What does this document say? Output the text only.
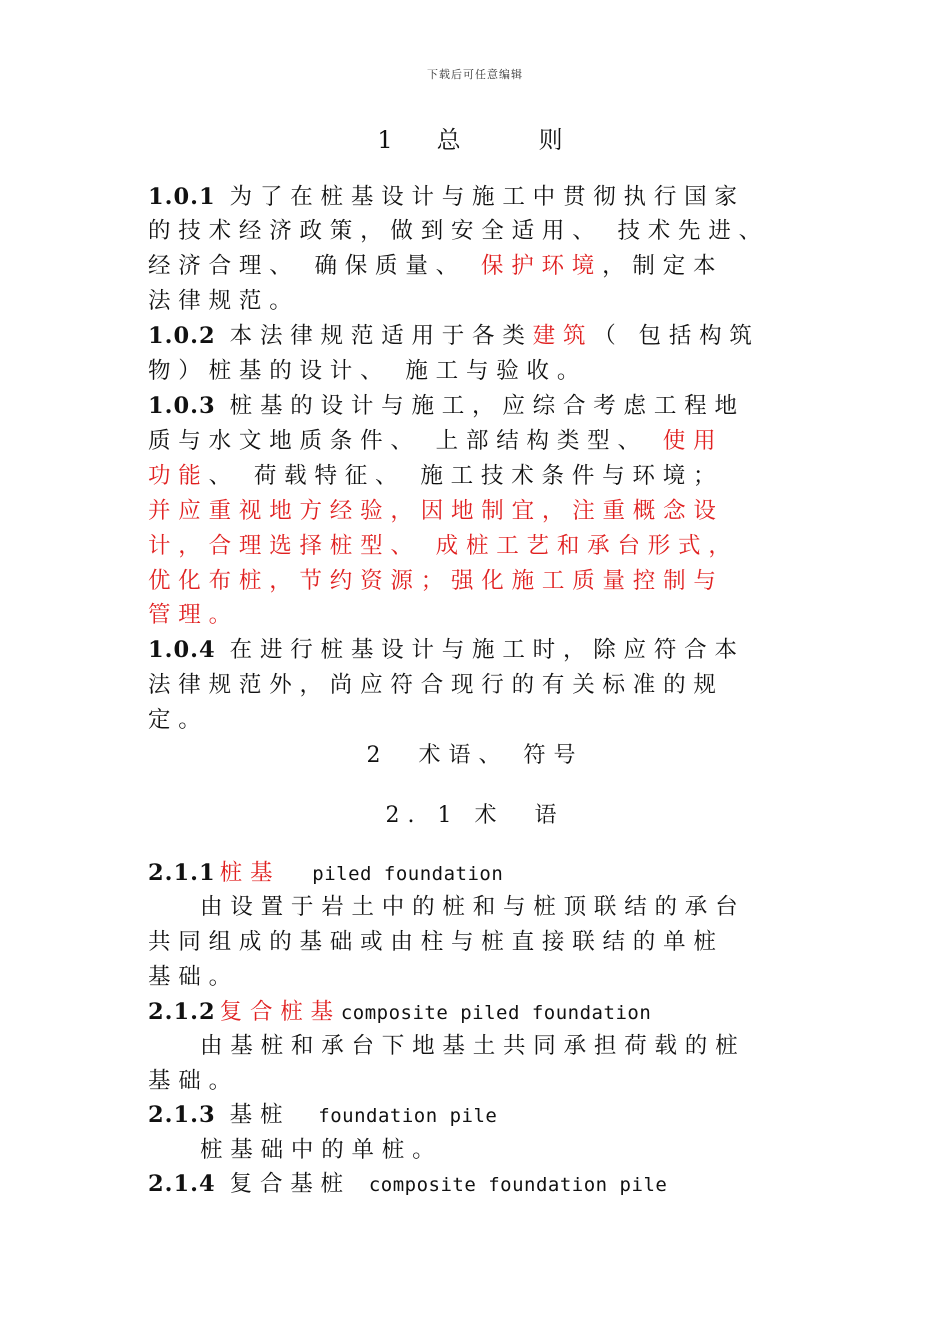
下载后可任意编辑
1　总　　则
1.0.1 为了在桩基设计与施工中贯彻执行国家
的技术经济政策，做到安全适用、 技术先进、
经济合理、 确保质量、 保护环境，制定本
法律规范。
1.0.2 本法律规范适用于各类建筑（ 包括构筑
物）桩基的设计、 施工与验收。
1.0.3 桩基的设计与施工，应综合考虑工程地
质与水文地质条件、 上部结构类型、 使用
功能、 荷载特征、 施工技术条件与环境；
并应重视地方经验，因地制宜，注重概念设
计，合理选择桩型、 成桩工艺和承台形式，
优化布桩，节约资源；强化施工质量控制与
管理。
1.0.4 在进行桩基设计与施工时，除应符合本
法律规范外，尚应符合现行的有关标准的规
定。
2　术语、 符号
2. 1 术　语
2.1.1 桩基 piled foundation
由设置于岩土中的桩和与桩顶联结的承台
共同组成的基础或由柱与桩直接联结的单桩
基础。
2.1.2 复合桩基composite piled foundation
由基桩和承台下地基土共同承担荷载的桩
基础。
2.1.3 基桩 foundation pile
桩基础中的单桩。
2.1.4 复合基桩 composite foundation pile
